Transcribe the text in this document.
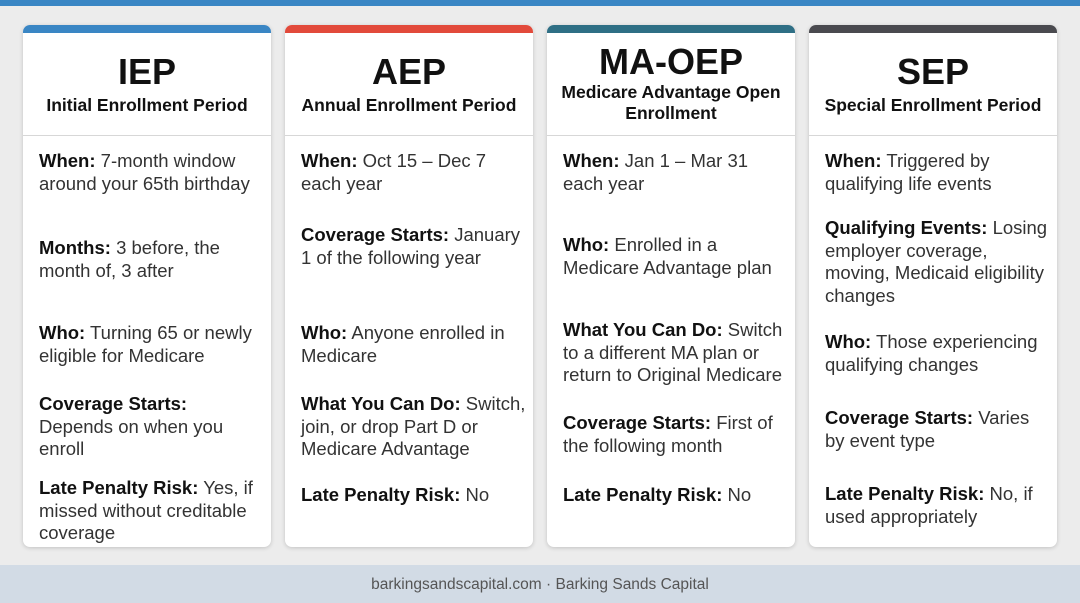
IEP
Initial Enrollment Period
When: 7-month window around your 65th birthday
Months: 3 before, the month of, 3 after
Who: Turning 65 or newly eligible for Medicare
Coverage Starts: Depends on when you enroll
Late Penalty Risk: Yes, if missed without creditable coverage
AEP
Annual Enrollment Period
When: Oct 15 – Dec 7 each year
Coverage Starts: January 1 of the following year
Who: Anyone enrolled in Medicare
What You Can Do: Switch, join, or drop Part D or Medicare Advantage
Late Penalty Risk: No
MA-OEP
Medicare Advantage Open Enrollment
When: Jan 1 – Mar 31 each year
Who: Enrolled in a Medicare Advantage plan
What You Can Do: Switch to a different MA plan or return to Original Medicare
Coverage Starts: First of the following month
Late Penalty Risk: No
SEP
Special Enrollment Period
When: Triggered by qualifying life events
Qualifying Events: Losing employer coverage, moving, Medicaid eligibility changes
Who: Those experiencing qualifying changes
Coverage Starts: Varies by event type
Late Penalty Risk: No, if used appropriately
barkingsandscapital.com · Barking Sands Capital
